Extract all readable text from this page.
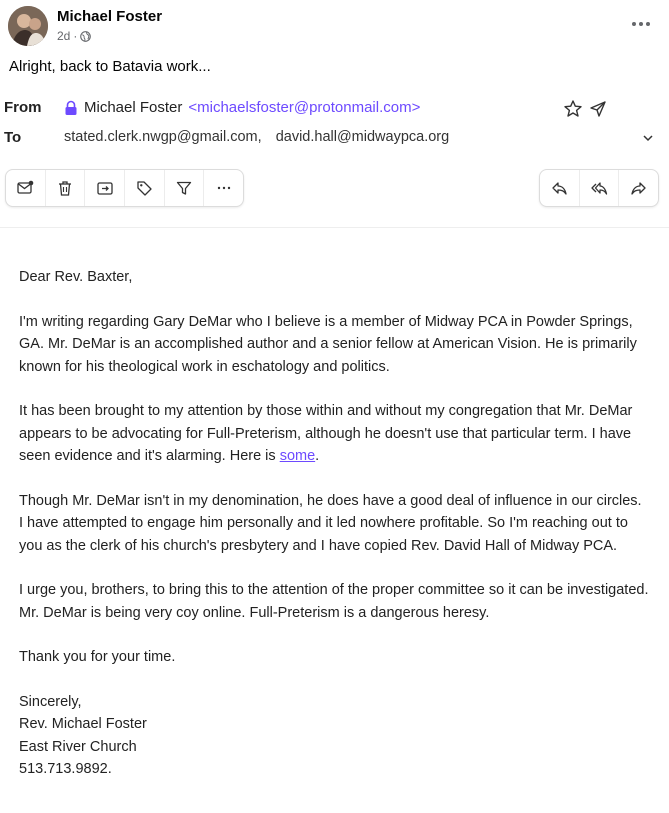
Michael Foster
2d ·
Alright, back to Batavia work...
From	Michael Foster <michaelsfoster@protonmail.com>
To	stated.clerk.nwgp@gmail.com, david.hall@midwaypca.org

Dear Rev. Baxter,

I'm writing regarding Gary DeMar who I believe is a member of Midway PCA in Powder Springs, GA. Mr. DeMar is an accomplished author and a senior fellow at American Vision. He is primarily known for his theological work in eschatology and politics.

It has been brought to my attention by those within and without my congregation that Mr. DeMar appears to be advocating for Full-Preterism, although he doesn't use that particular term. I have seen evidence and it's alarming. Here is some.

Though Mr. DeMar isn't in my denomination, he does have a good deal of influence in our circles. I have attempted to engage him personally and it led nowhere profitable. So I'm reaching out to you as the clerk of his church's presbytery and I have copied Rev. David Hall of Midway PCA.

I urge you, brothers, to bring this to the attention of the proper committee so it can be investigated. Mr. DeMar is being very coy online. Full-Preterism is a dangerous heresy.

Thank you for your time.

Sincerely,
Rev. Michael Foster
East River Church
513.713.9892.
